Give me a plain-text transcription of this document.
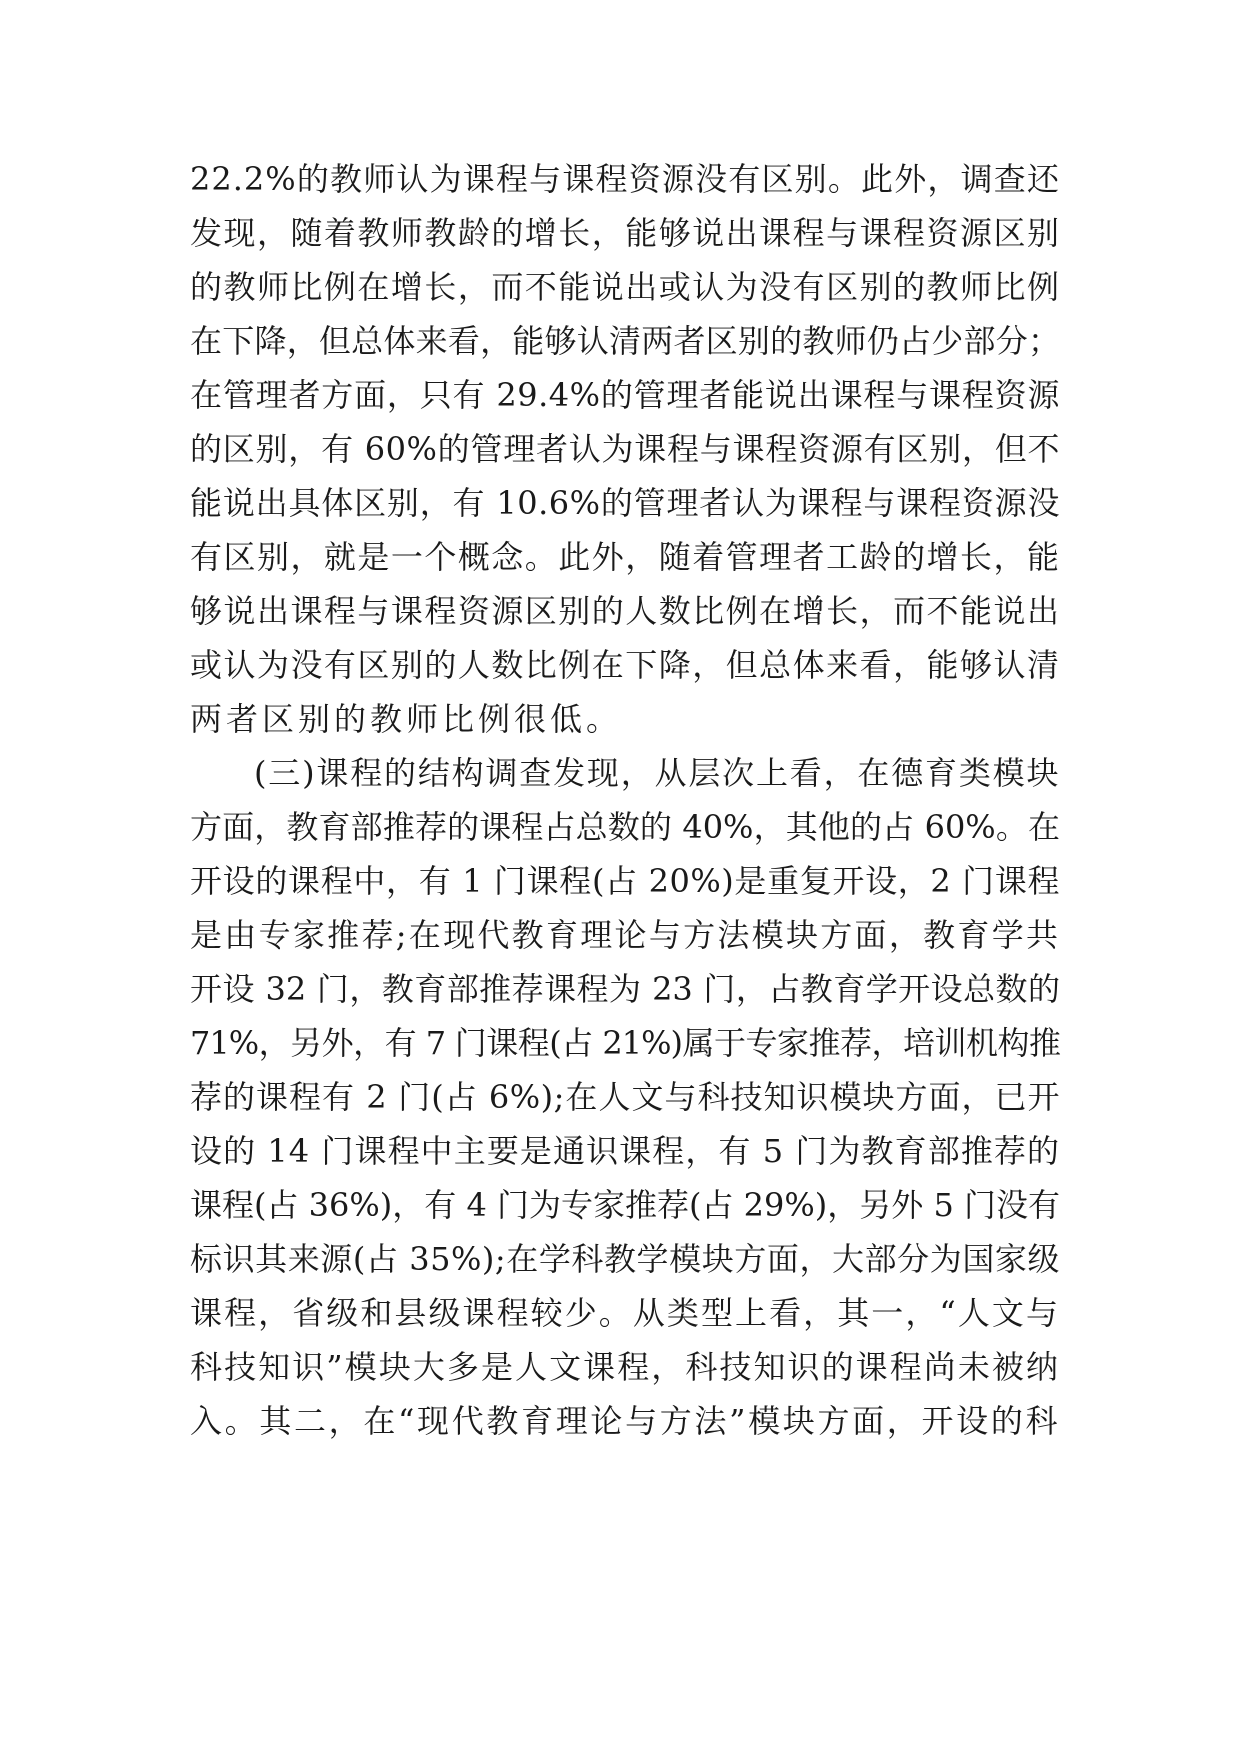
22.2%的教师认为课程与课程资源没有区别。此外，调查还
发现，随着教师教龄的增长，能够说出课程与课程资源区别
的教师比例在增长，而不能说出或认为没有区别的教师比例
在下降，但总体来看，能够认清两者区别的教师仍占少部分；
在管理者方面，只有 29.4%的管理者能说出课程与课程资源
的区别，有 60%的管理者认为课程与课程资源有区别，但不
能说出具体区别，有 10.6%的管理者认为课程与课程资源没
有区别，就是一个概念。此外，随着管理者工龄的增长，能
够说出课程与课程资源区别的人数比例在增长，而不能说出
或认为没有区别的人数比例在下降，但总体来看，能够认清
两者区别的教师比例很低。
(三)课程的结构调查发现，从层次上看，在德育类模块
方面，教育部推荐的课程占总数的 40%，其他的占 60%。在
开设的课程中，有 1 门课程(占 20%)是重复开设，2 门课程
是由专家推荐;在现代教育理论与方法模块方面，教育学共
开设 32 门，教育部推荐课程为 23 门，占教育学开设总数的
71%，另外，有 7 门课程(占 21%)属于专家推荐，培训机构推
荐的课程有 2 门(占 6%);在人文与科技知识模块方面，已开
设的 14 门课程中主要是通识课程，有 5 门为教育部推荐的
课程(占 36%)，有 4 门为专家推荐(占 29%)，另外 5 门没有
标识其来源(占 35%);在学科教学模块方面，大部分为国家级
课程，省级和县级课程较少。从类型上看，其一，“人文与
科技知识”模块大多是人文课程，科技知识的课程尚未被纳
入。其二，在“现代教育理论与方法”模块方面，开设的科
